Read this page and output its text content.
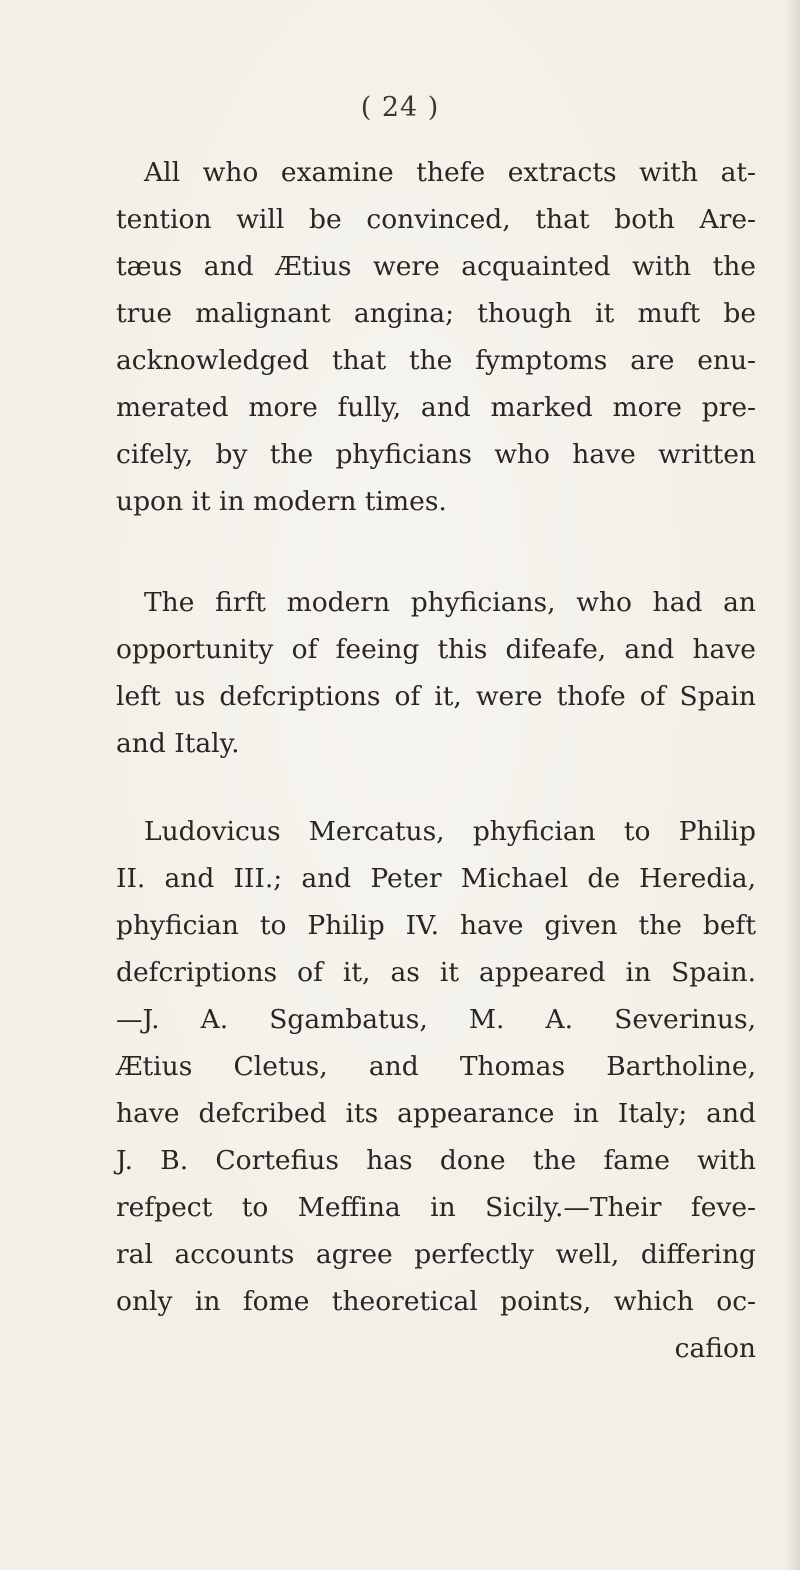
( 24 )
All who examine thefe extracts with at-
tention will be convinced, that both Are-
tæus and Ætius were acquainted with the
true malignant angina; though it muft be
acknowledged that the fymptoms are enu-
merated more fully, and marked more pre-
cifely, by the phyficians who have written
upon it in modern times.
The firft modern phyficians, who had an
opportunity of feeing this difeafe, and have
left us defcriptions of it, were thofe of Spain
and Italy.
Ludovicus Mercatus, phyfician to Philip
II. and III.; and Peter Michael de Heredia,
phyfician to Philip IV. have given the beft
defcriptions of it, as it appeared in Spain.
—J. A. Sgambatus, M. A. Severinus,
Ætius Cletus, and Thomas Bartholine,
have defcribed its appearance in Italy; and
J. B. Cortefius has done the fame with
refpect to Meffina in Sicily.—Their feve-
ral accounts agree perfectly well, differing
only in fome theoretical points, which oc-
cafion
